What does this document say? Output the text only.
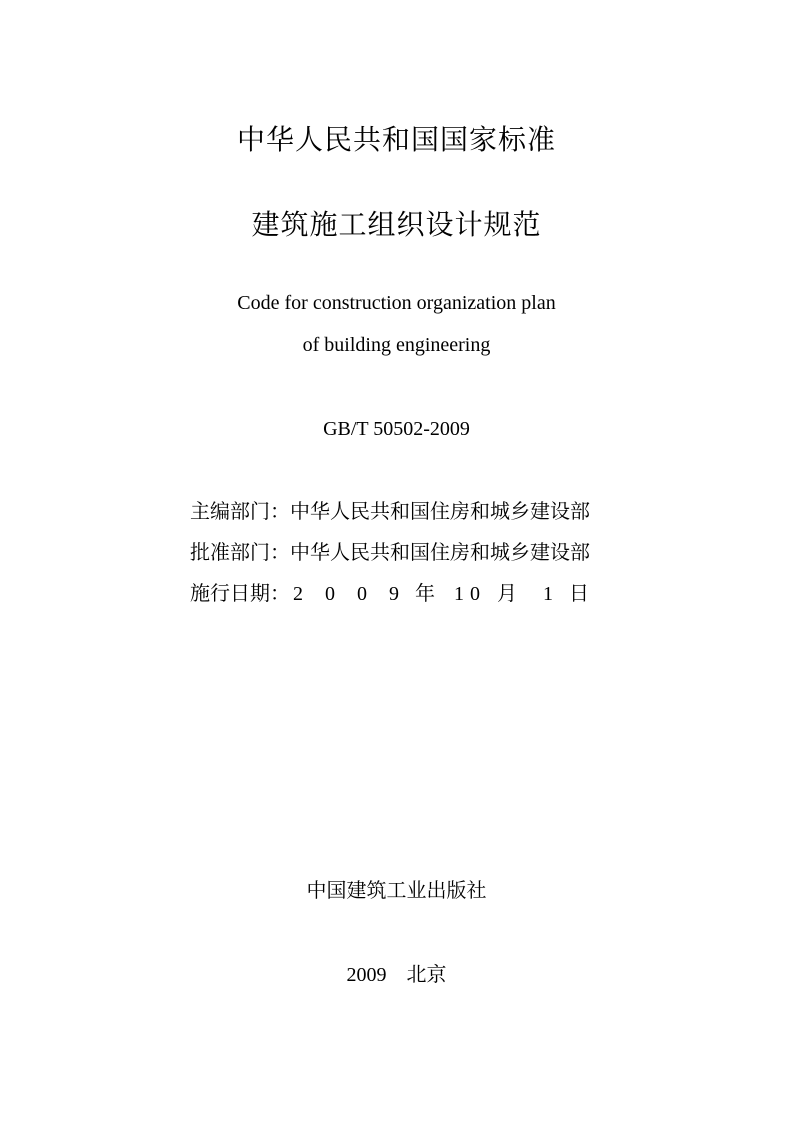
中华人民共和国国家标准
建筑施工组织设计规范
Code for construction organization plan
of building engineering
GB/T 50502-2009
主编部门：中华人民共和国住房和城乡建设部
批准部门：中华人民共和国住房和城乡建设部
施行日期： 2 0 0 9 年 10 月 1 日
中国建筑工业出版社
2009　北京
